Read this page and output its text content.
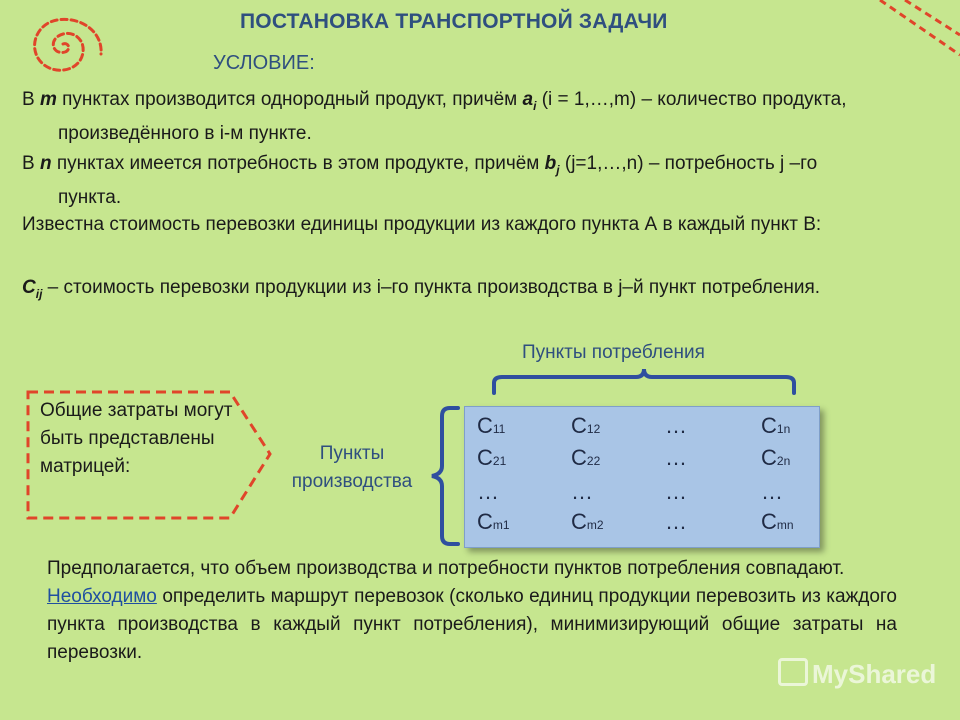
ПОСТАНОВКА ТРАНСПОРТНОЙ ЗАДАЧИ
УСЛОВИЕ:
В m пунктах производится однородный продукт, причём $a_i$ (i = 1,…,m) – количество продукта, произведённого в i-м пункте.
В n пунктах имеется потребность в этом продукте, причём $b_j$ (j=1,…,n) – потребность j –го пункта.
Известна стоимость перевозки единицы продукции из каждого пункта А в каждый пункт В:
$C_{ij}$ – стоимость перевозки продукции из i–го пункта производства в j–й пункт потребления.
Пункты потребления
Пункты производства
Общие затраты могут быть представлены матрицей:
C11	C12	…	C1n
C21	C22	…	C2n
…	…	…	…
Cm1	Cm2	…	Cmn

Предполагается, что объем производства и потребности пунктов потребления совпадают.

Необходимо определить маршрут перевозок (сколько единиц продукции перевозить из каждого пункта производства в каждый пункт потребления), минимизирующий общие затраты на перевозки.

MyShared
